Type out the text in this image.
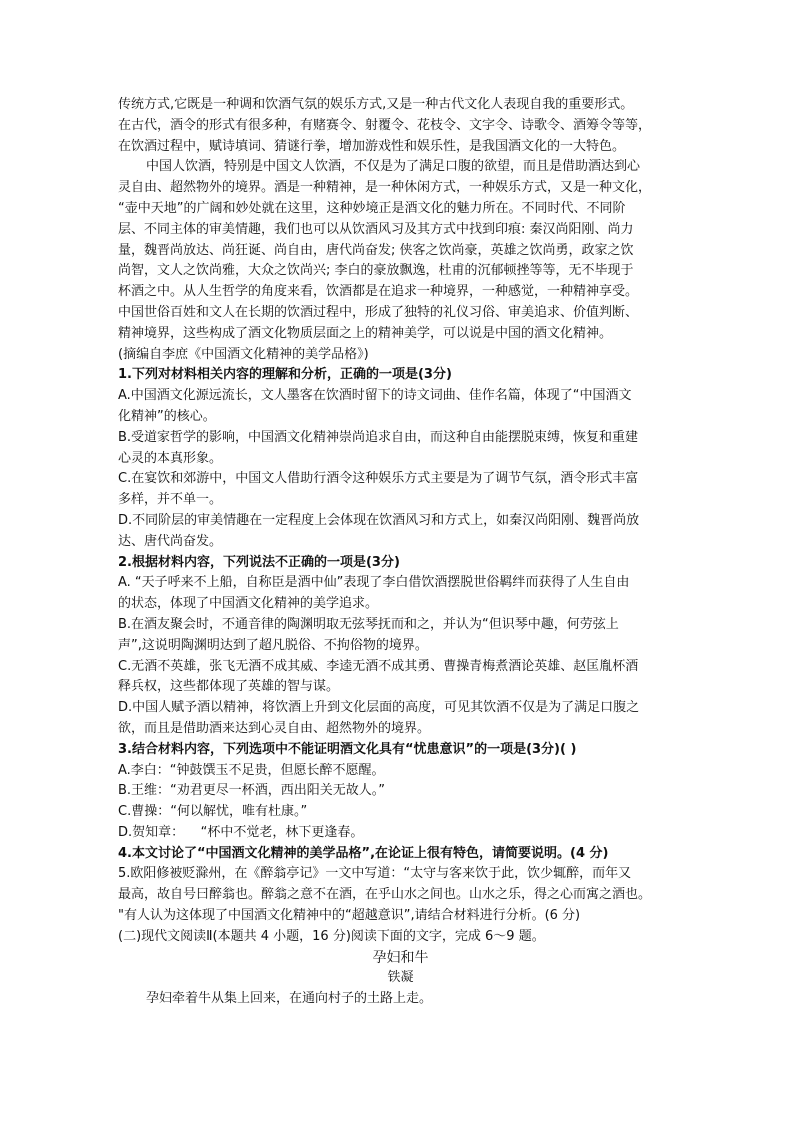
传统方式,它既是一种调和饮酒气氛的娱乐方式,又是一种古代文化人表现自我的重要形式。
在古代，酒令的形式有很多种，有赌赛令、射覆令、花枝令、文字令、诗歌令、酒筹令等等，
在饮酒过程中，赋诗填词、猜谜行拳，增加游戏性和娱乐性，是我国酒文化的一大特色。
中国人饮酒，特别是中国文人饮酒，不仅是为了满足口腹的欲望，而且是借助酒达到心
灵自由、超然物外的境界。酒是一种精神，是一种休闲方式，一种娱乐方式，又是一种文化，
“壶中天地”的广阔和妙处就在这里，这种妙境正是酒文化的魅力所在。不同时代、不同阶
层、不同主体的审美情趣，我们也可以从饮酒风习及其方式中找到印痕: 秦汉尚阳刚、尚力
量，魏晋尚放达、尚狂诞、尚自由，唐代尚奋发; 侠客之饮尚豪，英雄之饮尚勇，政家之饮
尚智，文人之饮尚雅，大众之饮尚兴; 李白的豪放飘逸，杜甫的沉郁顿挫等等，无不毕现于
杯酒之中。从人生哲学的角度来看，饮酒都是在追求一种境界，一种感觉，一种精神享受。
中国世俗百姓和文人在长期的饮酒过程中，形成了独特的礼仪习俗、审美追求、价值判断、
精神境界，这些构成了酒文化物质层面之上的精神美学，可以说是中国的酒文化精神。
(摘编自李庶《中国酒文化精神的美学品格》)
1.下列对材料相关内容的理解和分析，正确的一项是(3分)
A.中国酒文化源远流长，文人墨客在饮酒时留下的诗文词曲、佳作名篇，体现了“中国酒文
化精神”的核心。
B.受道家哲学的影响，中国酒文化精神崇尚追求自由，而这种自由能摆脱束缚，恢复和重建
心灵的本真形象。
C.在宴饮和郊游中，中国文人借助行酒令这种娱乐方式主要是为了调节气氛，酒令形式丰富
多样，并不单一。
D.不同阶层的审美情趣在一定程度上会体现在饮酒风习和方式上，如秦汉尚阳刚、魏晋尚放
达、唐代尚奋发。
2.根据材料内容，下列说法不正确的一项是(3分)
A. “天子呼来不上船，自称臣是酒中仙”表现了李白借饮酒摆脱世俗羁绊而获得了人生自由
的状态，体现了中国酒文化精神的美学追求。
B.在酒友聚会时，不通音律的陶渊明取无弦琴抚而和之，并认为“但识琴中趣，何劳弦上
声”,这说明陶渊明达到了超凡脱俗、不拘俗物的境界。
C.无酒不英雄，张飞无酒不成其威、李逵无酒不成其勇、曹操青梅煮酒论英雄、赵匡胤杯酒
释兵权，这些都体现了英雄的智与谋。
D.中国人赋予酒以精神，将饮酒上升到文化层面的高度，可见其饮酒不仅是为了满足口腹之
欲，而且是借助酒来达到心灵自由、超然物外的境界。
3.结合材料内容，下列选项中不能证明酒文化具有“忧患意识”的一项是(3分)( )
A.李白：“钟鼓馔玉不足贵，但愿长醉不愿醒。
B.王维：“劝君更尽一杯酒，西出阳关无故人。”
C.曹操：“何以解忧，唯有杜康。”
D.贺知章：    “杯中不觉老，林下更逢春。
4.本文讨论了“中国酒文化精神的美学品格”,在论证上很有特色，请简要说明。(4 分)
5.欧阳修被贬滁州，在《醉翁亭记》一文中写道：“太守与客来饮于此，饮少辄醉，而年又
最高，故自号曰醉翁也。醉翁之意不在酒，在乎山水之间也。山水之乐，得之心而寓之酒也。
"有人认为这体现了中国酒文化精神中的“超越意识”,请结合材料进行分析。(6 分)
(二)现代文阅读Ⅱ(本题共 4 小题，16 分)阅读下面的文字，完成 6～9 题。
孕妇和牛
铁凝
孕妇牵着牛从集上回来，在通向村子的土路上走。
